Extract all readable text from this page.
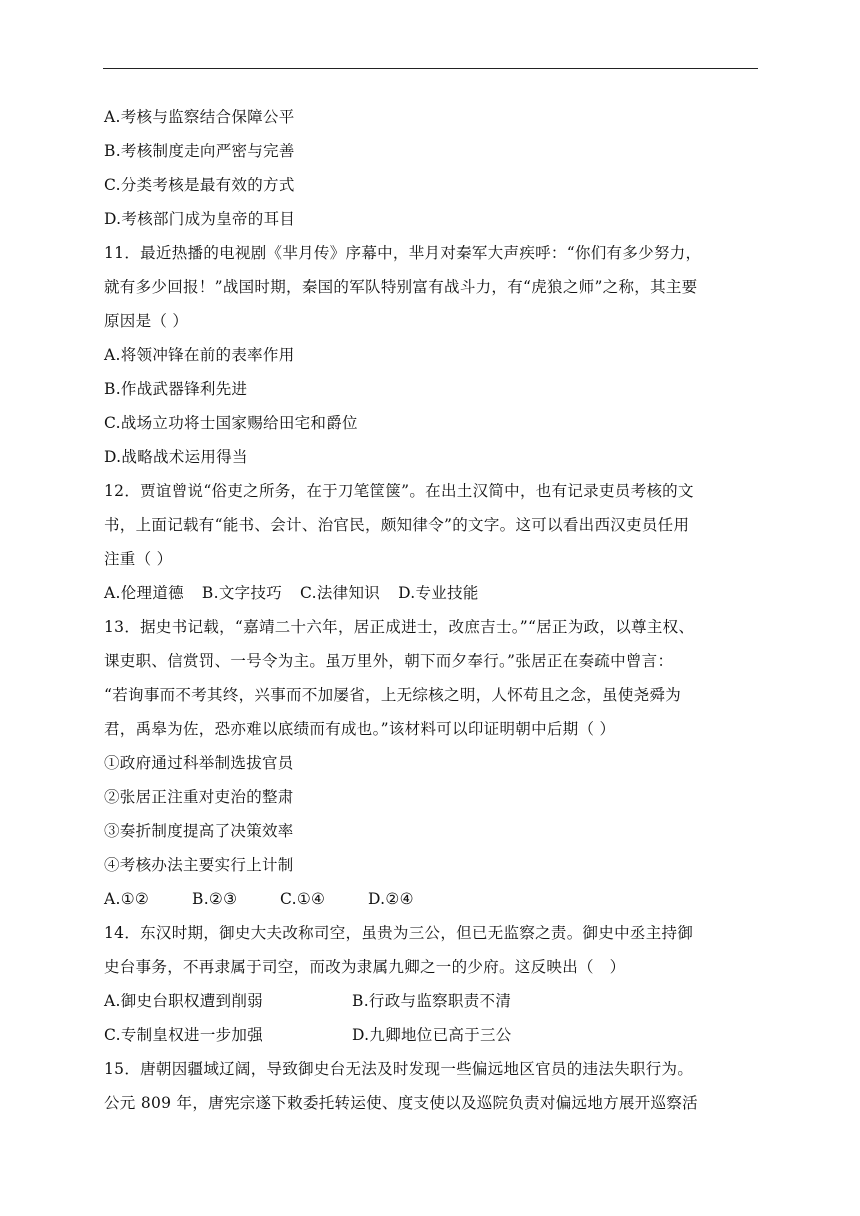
A.考核与监察结合保障公平
B.考核制度走向严密与完善
C.分类考核是最有效的方式
D.考核部门成为皇帝的耳目
11．最近热播的电视剧《芈月传》序幕中，芈月对秦军大声疾呼：“你们有多少努力，
就有多少回报！”战国时期，秦国的军队特别富有战斗力，有“虎狼之师”之称，其主要
原因是（ ）
A.将领冲锋在前的表率作用
B.作战武器锋利先进
C.战场立功将士国家赐给田宅和爵位
D.战略战术运用得当
12．贾谊曾说“俗吏之所务，在于刀笔筐箧”。在出土汉简中，也有记录吏员考核的文
书，上面记载有“能书、会计、治官民，颇知律令”的文字。这可以看出西汉吏员任用
注重（ ）
A.伦理道德 B.文字技巧 C.法律知识 D.专业技能
13．据史书记载，“嘉靖二十六年，居正成进士，改庶吉士。”“居正为政，以尊主权、
课吏职、信赏罚、一号令为主。虽万里外，朝下而夕奉行。”张居正在奏疏中曾言：
“若询事而不考其终，兴事而不加屡省，上无综核之明，人怀苟且之念，虽使尧舜为
君，禹皋为佐，恐亦难以底绩而有成也。”该材料可以印证明朝中后期（ ）
①政府通过科举制选拔官员
②张居正注重对吏治的整肃
③奏折制度提高了决策效率
④考核办法主要实行上计制
A.①②	B.②③	C.①④	D.②④
14．东汉时期，御史大夫改称司空，虽贵为三公，但已无监察之责。御史中丞主持御
史台事务，不再隶属于司空，而改为隶属九卿之一的少府。这反映出（　）
A.御史台职权遭到削弱	B.行政与监察职责不清
C.专制皇权进一步加强	D.九卿地位已高于三公
15．唐朝因疆域辽阔，导致御史台无法及时发现一些偏远地区官员的违法失职行为。
公元 809 年，唐宪宗遂下敕委托转运使、度支使以及巡院负责对偏远地方展开巡察活
